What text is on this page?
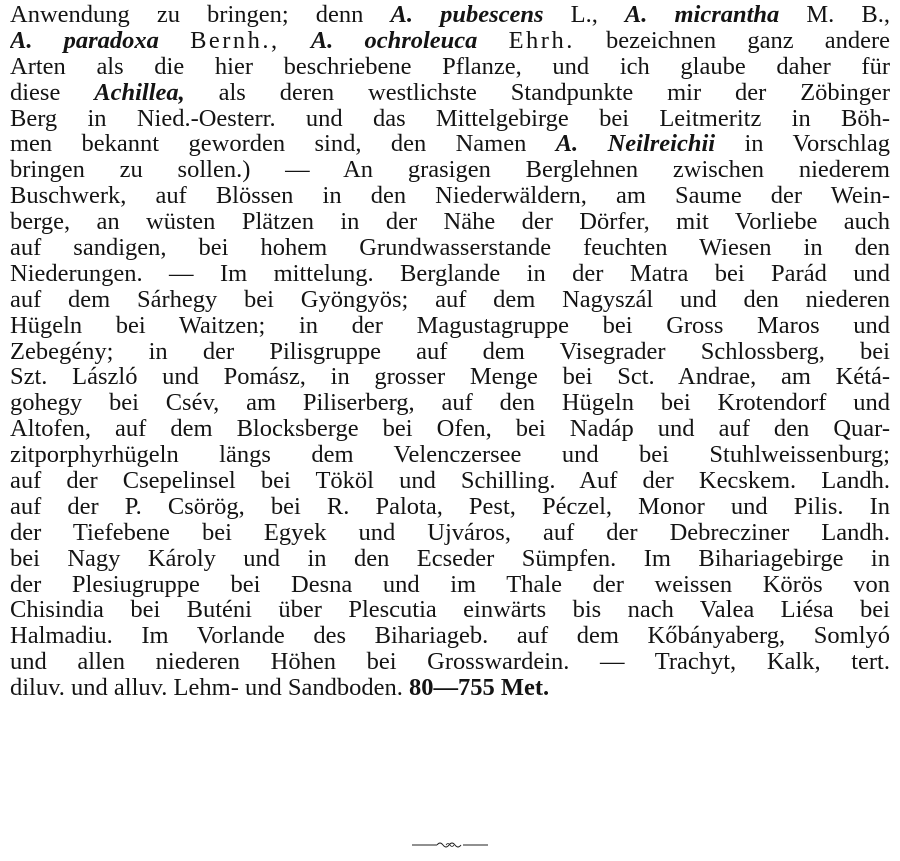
Anwendung zu bringen; denn A. pubescens L., A. micrantha M. B.,
A. paradoxa Bernh., A. ochroleuca Ehrh. bezeichnen ganz andere
Arten als die hier beschriebene Pflanze, und ich glaube daher für
diese Achillea, als deren westlichste Standpunkte mir der Zöbinger
Berg in Nied.-Oesterr. und das Mittelgebirge bei Leitmeritz in Böh-
men bekannt geworden sind, den Namen A. Neilreichii in Vorschlag
bringen zu sollen.) — An grasigen Berglehnen zwischen niederem
Buschwerk, auf Blössen in den Niederwäldern, am Saume der Wein-
berge, an wüsten Plätzen in der Nähe der Dörfer, mit Vorliebe auch
auf sandigen, bei hohem Grundwasserstande feuchten Wiesen in den
Niederungen. — Im mittelung. Berglande in der Matra bei Parád und
auf dem Sárhegy bei Gyöngyös; auf dem Nagyszál und den niederen
Hügeln bei Waitzen; in der Magustagruppe bei Gross Maros und
Zebegény; in der Pilisgruppe auf dem Visegrader Schlossberg, bei
Szt. László und Pomász, in grosser Menge bei Sct. Andrae, am Kétá-
gohegy bei Csév, am Piliserberg, auf den Hügeln bei Krotendorf und
Altofen, auf dem Blocksberge bei Ofen, bei Nadáp und auf den Quar-
zitporphyrhügeln längs dem Velenczersee und bei Stuhlweissenburg;
auf der Csepelinsel bei Tököl und Schilling. Auf der Kecskem. Landh.
auf der P. Csörög, bei R. Palota, Pest, Péczel, Monor und Pilis. In
der Tiefebene bei Egyek und Ujváros, auf der Debrecziner Landh.
bei Nagy Károly und in den Ecseder Sümpfen. Im Bihariagebirge in
der Plesiugruppe bei Desna und im Thale der weissen Körös von
Chisindia bei Buténi über Plescutia einwärts bis nach Valea Liésa bei
Halmadiu. Im Vorlande des Bihariageb. auf dem Kőbányaberg, Somlyó
und allen niederen Höhen bei Grosswardein. — Trachyt, Kalk, tert.
diluv. und alluv. Lehm- und Sandboden. 80—755 Met.
